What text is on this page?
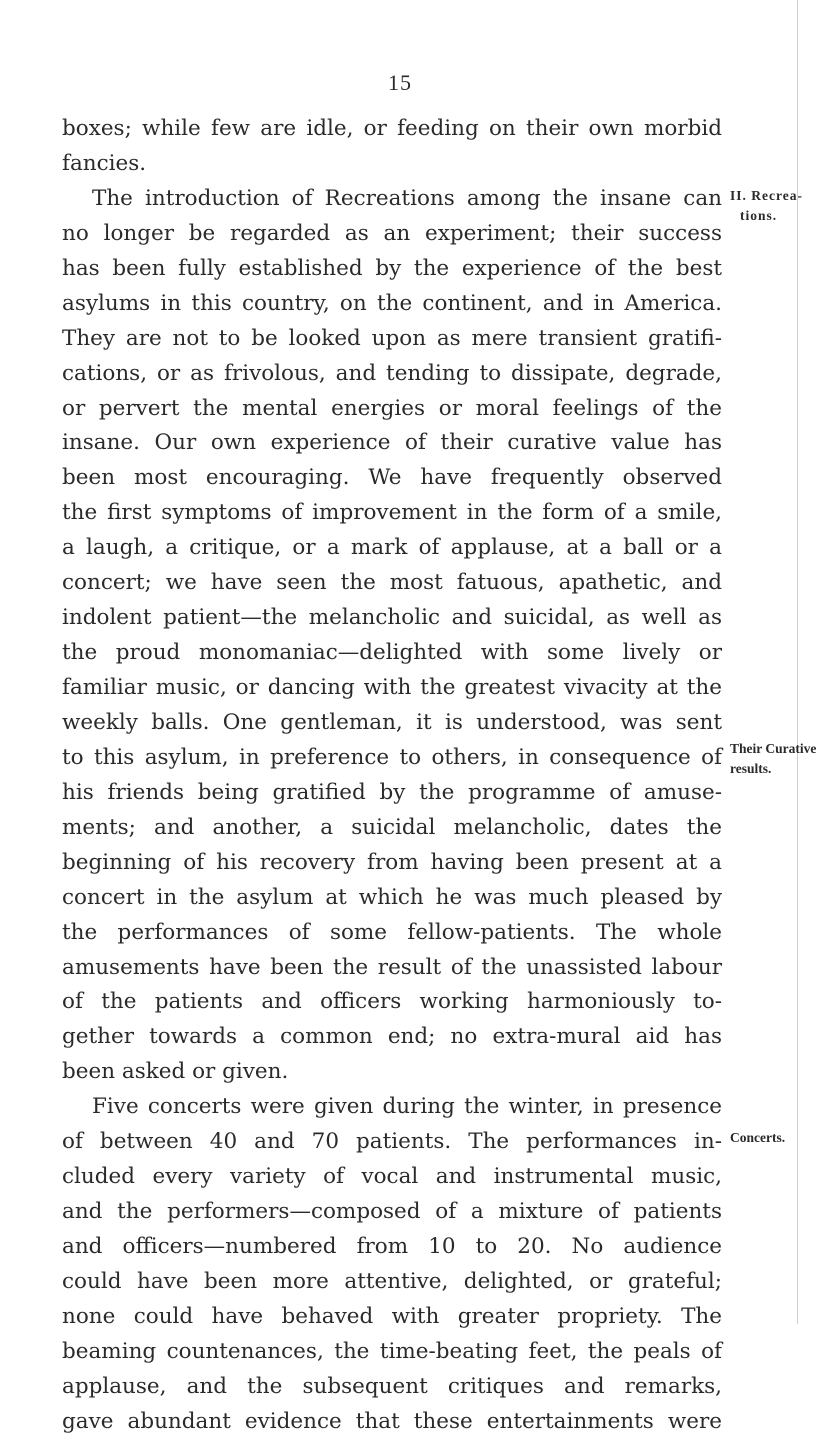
15
boxes; while few are idle, or feeding on their own morbid
fancies.
The introduction of Recreations among the insane can
no longer be regarded as an experiment; their success
has been fully established by the experience of the best
asylums in this country, on the continent, and in America.
They are not to be looked upon as mere transient gratifi-
cations, or as frivolous, and tending to dissipate, degrade,
or pervert the mental energies or moral feelings of the
insane. Our own experience of their curative value has
been most encouraging. We have frequently observed
the first symptoms of improvement in the form of a smile,
a laugh, a critique, or a mark of applause, at a ball or a
concert; we have seen the most fatuous, apathetic, and
indolent patient—the melancholic and suicidal, as well as
the proud monomaniac—delighted with some lively or
familiar music, or dancing with the greatest vivacity at the
weekly balls. One gentleman, it is understood, was sent
to this asylum, in preference to others, in consequence of
his friends being gratified by the programme of amuse-
ments; and another, a suicidal melancholic, dates the
beginning of his recovery from having been present at a
concert in the asylum at which he was much pleased by
the performances of some fellow-patients. The whole
amusements have been the result of the unassisted labour
of the patients and officers working harmoniously to-
gether towards a common end; no extra-mural aid has
been asked or given.
Five concerts were given during the winter, in presence
of between 40 and 70 patients. The performances in-
cluded every variety of vocal and instrumental music,
and the performers—composed of a mixture of patients
and officers—numbered from 10 to 20. No audience
could have been more attentive, delighted, or grateful;
none could have behaved with greater propriety. The
beaming countenances, the time-beating feet, the peals of
applause, and the subsequent critiques and remarks,
gave abundant evidence that these entertainments were
II. Recrea-
tions.
Their Curative
results.
Concerts.
